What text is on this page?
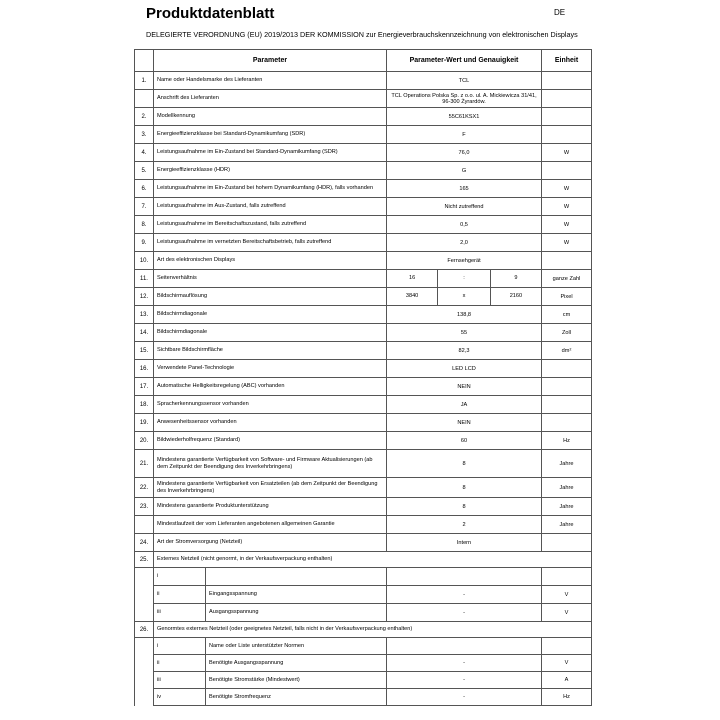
Produktdatenblatt	DE
DELEGIERTE VERORDNUNG (EU) 2019/2013 DER KOMMISSION zur Energieverbrauchskennzeichnung von elektronischen Displays
	Parameter	Parameter-Wert und Genauigkeit	Einheit
1.	Name oder Handelsmarke des Lieferanten	TCL	
	Anschrift des Lieferanten	TCL Operations Polska Sp. z o.o. ul. A. Mickiewicza 31/41, 96-300 Żyrardów.	
2.	Modellkennung	55C61KSX1	
3.	Energieeffizienzklasse bei Standard-Dynamikumfang (SDR)	F	
4.	Leistungsaufnahme im Ein-Zustand bei Standard-Dynamikumfang (SDR)	76,0	W
5.	Energieeffizienzklasse (HDR)	G	
6.	Leistungsaufnahme im Ein-Zustand bei hohem Dynamikumfang (HDR), falls vorhanden	165	W
7.	Leistungsaufnahme im Aus-Zustand, falls zutreffend	Nicht zutreffend	W
8.	Leistungsaufnahme im Bereitschaftszustand, falls zutreffend	0,5	W
9.	Leistungsaufnahme im vernetzten Bereitschaftsbetrieb, falls zutreffend	2,0	W
10.	Art des elektronischen Displays	Fernsehgerät	
11.	Seitenverhältnis	16 : 9	ganze Zahl
12.	Bildschirmauflösung	3840 x 2160	Pixel
13.	Bildschirmdiagonale	138,8	cm
14.	Bildschirmdiagonale	55	Zoll
15.	Sichtbare Bildschirmfläche	82,3	dm²
16.	Verwendete Panel-Technologie	LED LCD	
17.	Automatische Helligkeitsregelung (ABC) vorhanden	NEIN	
18.	Spracherkennungssensor vorhanden	JA	
19.	Anwesenheitssensor vorhanden	NEIN	
20.	Bildwiederholfrequenz (Standard)	60	Hz
21.	Mindestens garantierte Verfügbarkeit von Software- und Firmware Aktualisierungen (ab dem Zeitpunkt der Beendigung des Inverkehrbringens)	8	Jahre
22.	Mindestens garantierte Verfügbarkeit von Ersatzteilen (ab dem Zeitpunkt der Beendigung des Inverkehrbringens)	8	Jahre
23.	Mindestens garantierte Produktunterstützung	8	Jahre
	Mindestlaufzeit der vom Lieferanten angebotenen allgemeinen Garantie	2	Jahre
24.	Art der Stromversorgung (Netzteil)	Intern	
25.	Externes Netzteil (nicht genormt, in der Verkaufsverpackung enthalten)		

	i		

	ii Eingangsspannung	-	V

	iii Ausgangsspannung	-	V
26.	Genormtes externes Netzteil (oder geeignetes Netzteil, falls nicht in der Verkaufsverpackung enthalten)		

	i Name oder Liste unterstützter Normen		

	ii Benötigte Ausgangsspannung	-	V

	iii Benötigte Stromstärke (Mindestwert)	-	A

	iv Benötigte Stromfrequenz	-	Hz
